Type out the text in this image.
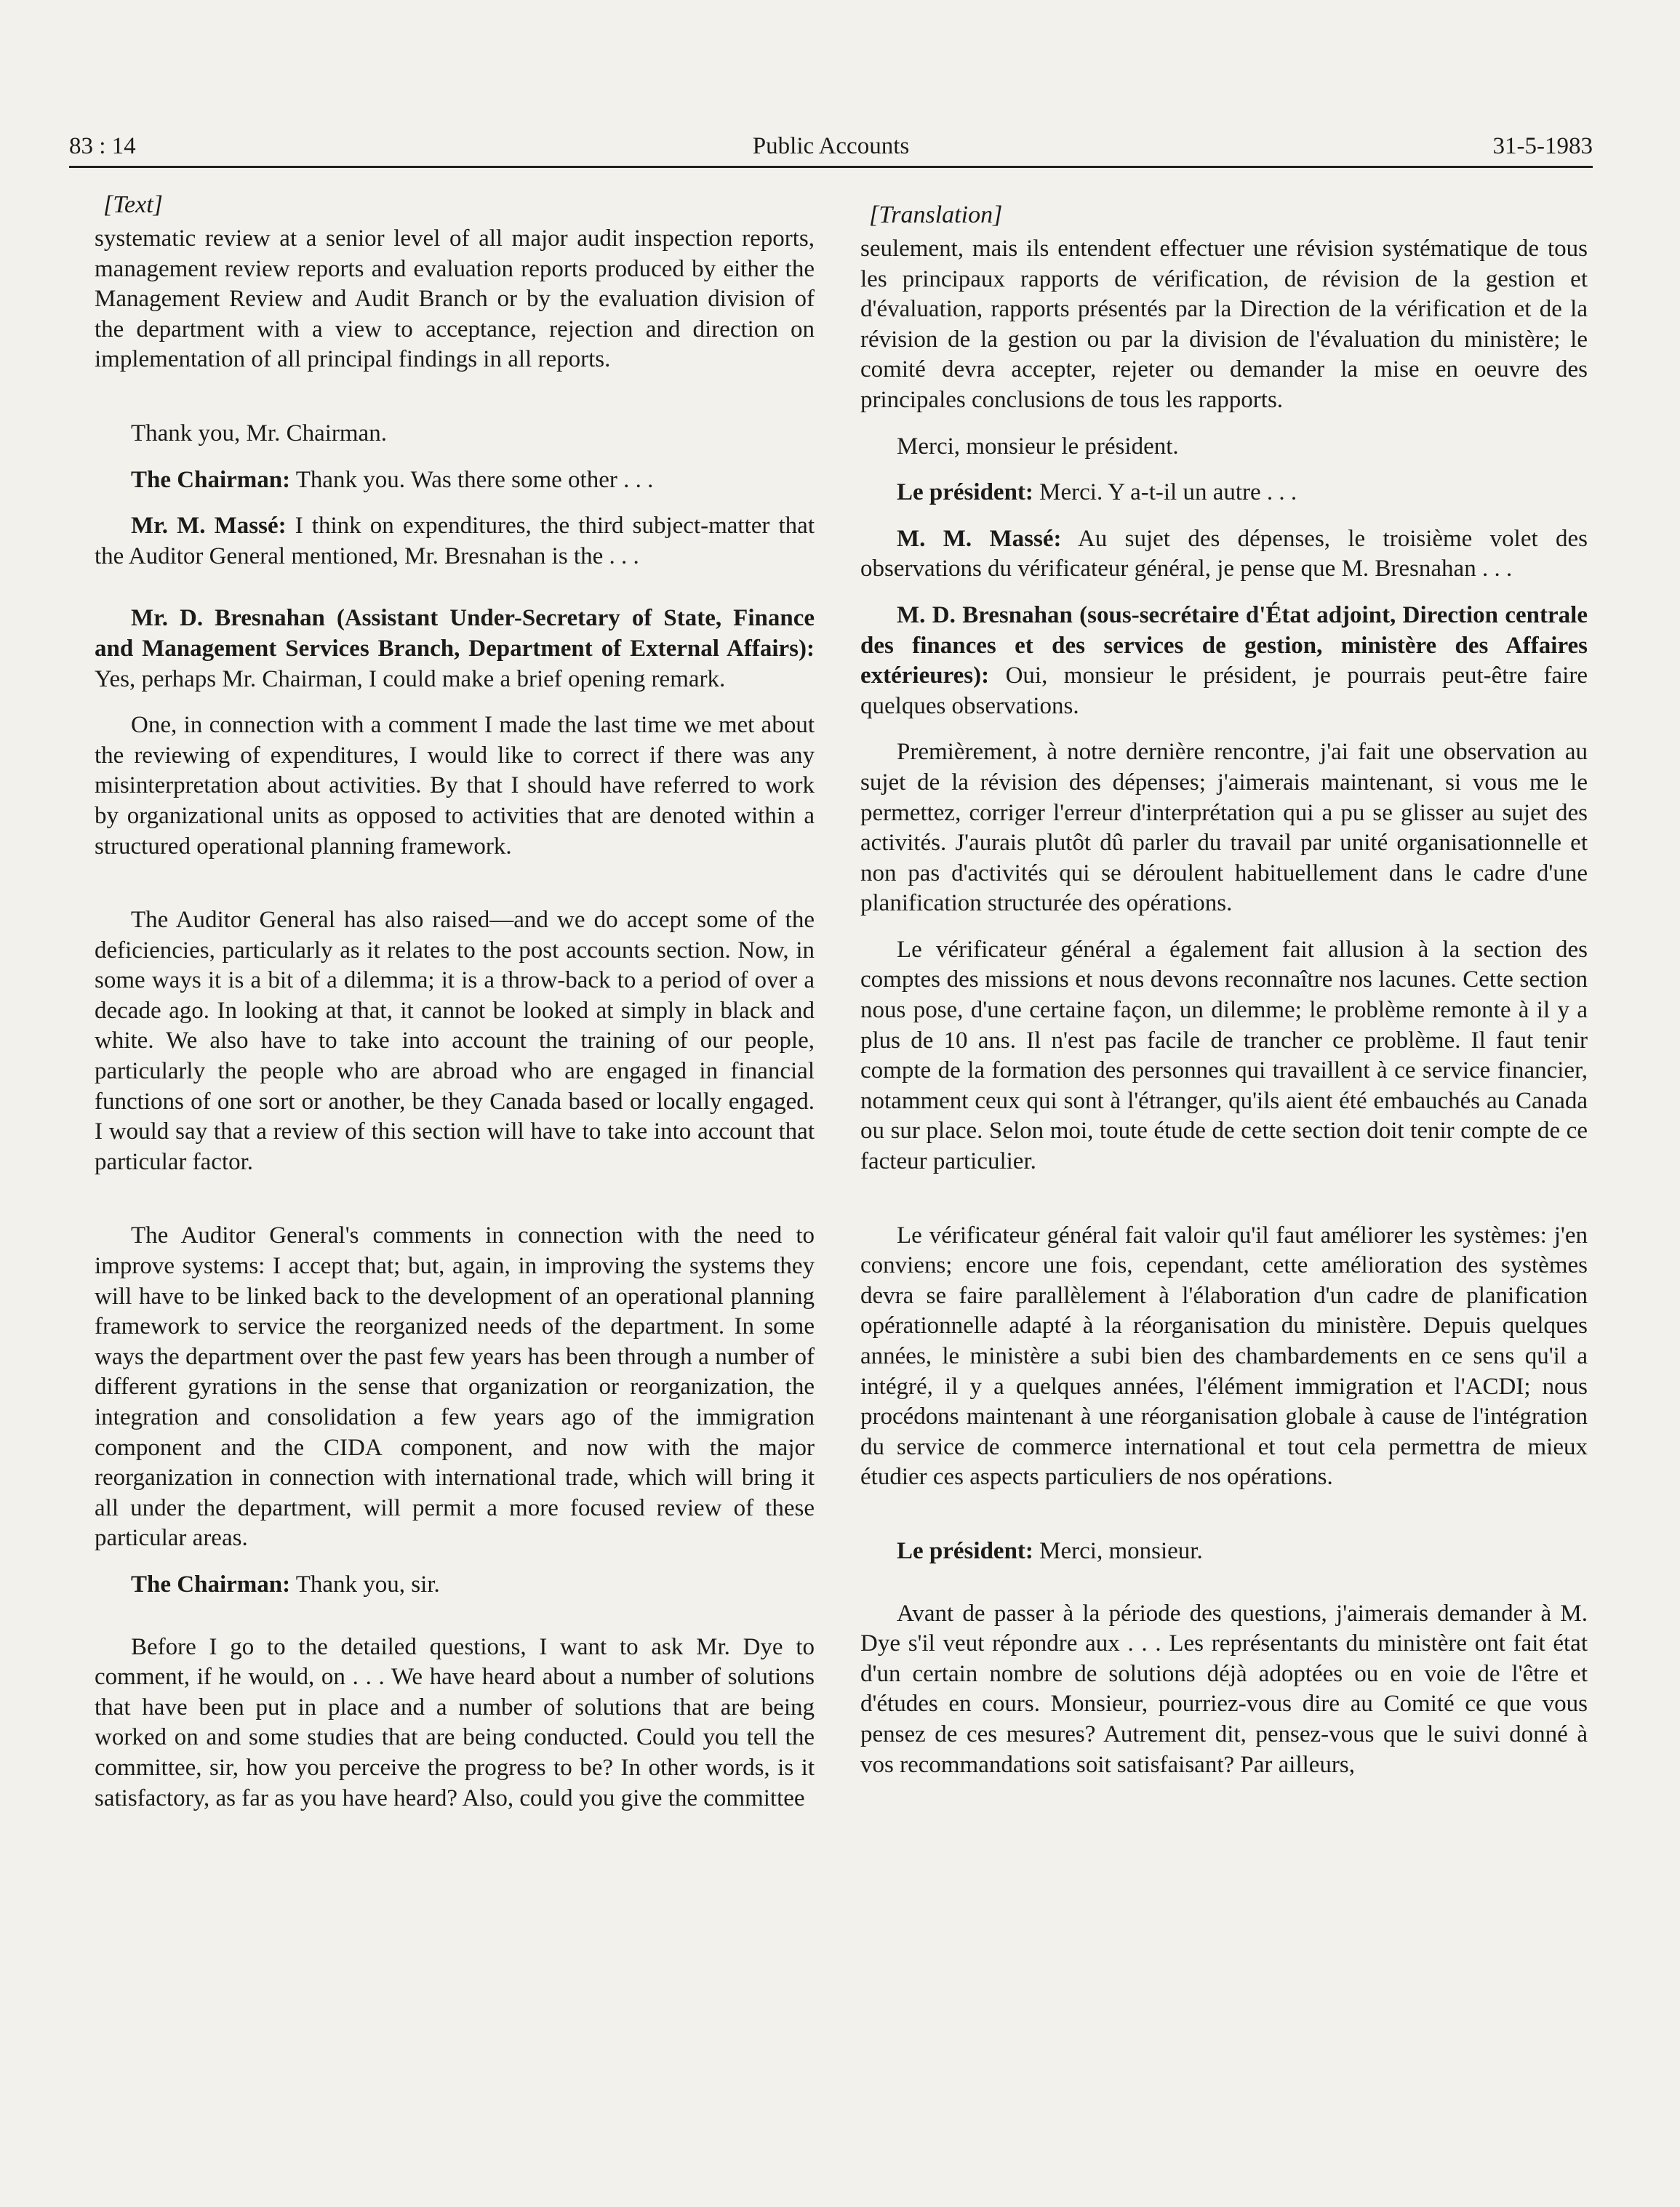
83 : 14	Public Accounts	31-5-1983
[Text]

systematic review at a senior level of all major audit inspection reports, management review reports and evaluation reports produced by either the Management Review and Audit Branch or by the evaluation division of the department with a view to acceptance, rejection and direction on implementation of all principal findings in all reports.

Thank you, Mr. Chairman.

The Chairman: Thank you. Was there some other . . .

Mr. M. Massé: I think on expenditures, the third subject-matter that the Auditor General mentioned, Mr. Bresnahan is the . . .

Mr. D. Bresnahan (Assistant Under-Secretary of State, Finance and Management Services Branch, Department of External Affairs): Yes, perhaps Mr. Chairman, I could make a brief opening remark.

One, in connection with a comment I made the last time we met about the reviewing of expenditures, I would like to correct if there was any misinterpretation about activities. By that I should have referred to work by organizational units as opposed to activities that are denoted within a structured operational planning framework.

The Auditor General has also raised—and we do accept some of the deficiencies, particularly as it relates to the post accounts section. Now, in some ways it is a bit of a dilemma; it is a throw-back to a period of over a decade ago. In looking at that, it cannot be looked at simply in black and white. We also have to take into account the training of our people, particularly the people who are abroad who are engaged in financial functions of one sort or another, be they Canada based or locally engaged. I would say that a review of this section will have to take into account that particular factor.

The Auditor General's comments in connection with the need to improve systems: I accept that; but, again, in improving the systems they will have to be linked back to the development of an operational planning framework to service the reorganized needs of the department. In some ways the department over the past few years has been through a number of different gyrations in the sense that organization or reorganization, the integration and consolidation a few years ago of the immigration component and the CIDA component, and now with the major reorganization in connection with international trade, which will bring it all under the department, will permit a more focused review of these particular areas.

The Chairman: Thank you, sir.

Before I go to the detailed questions, I want to ask Mr. Dye to comment, if he would, on . . . We have heard about a number of solutions that have been put in place and a number of solutions that are being worked on and some studies that are being conducted. Could you tell the committee, sir, how you perceive the progress to be? In other words, is it satisfactory, as far as you have heard? Also, could you give the committee

[Translation]

seulement, mais ils entendent effectuer une révision systématique de tous les principaux rapports de vérification, de révision de la gestion et d'évaluation, rapports présentés par la Direction de la vérification et de la révision de la gestion ou par la division de l'évaluation du ministère; le comité devra accepter, rejeter ou demander la mise en oeuvre des principales conclusions de tous les rapports.

Merci, monsieur le président.

Le président: Merci. Y a-t-il un autre . . .

M. M. Massé: Au sujet des dépenses, le troisième volet des observations du vérificateur général, je pense que M. Bresnahan . . .

M. D. Bresnahan (sous-secrétaire d'État adjoint, Direction centrale des finances et des services de gestion, ministère des Affaires extérieures): Oui, monsieur le président, je pourrais peut-être faire quelques observations.

Premièrement, à notre dernière rencontre, j'ai fait une observation au sujet de la révision des dépenses; j'aimerais maintenant, si vous me le permettez, corriger l'erreur d'interprétation qui a pu se glisser au sujet des activités. J'aurais plutôt dû parler du travail par unité organisationnelle et non pas d'activités qui se déroulent habituellement dans le cadre d'une planification structurée des opérations.

Le vérificateur général a également fait allusion à la section des comptes des missions et nous devons reconnaître nos lacunes. Cette section nous pose, d'une certaine façon, un dilemme; le problème remonte à il y a plus de 10 ans. Il n'est pas facile de trancher ce problème. Il faut tenir compte de la formation des personnes qui travaillent à ce service financier, notamment ceux qui sont à l'étranger, qu'ils aient été embauchés au Canada ou sur place. Selon moi, toute étude de cette section doit tenir compte de ce facteur particulier.

Le vérificateur général fait valoir qu'il faut améliorer les systèmes: j'en conviens; encore une fois, cependant, cette amélioration des systèmes devra se faire parallèlement à l'élaboration d'un cadre de planification opérationnelle adapté à la réorganisation du ministère. Depuis quelques années, le ministère a subi bien des chambardements en ce sens qu'il a intégré, il y a quelques années, l'élément immigration et l'ACDI; nous procédons maintenant à une réorganisation globale à cause de l'intégration du service de commerce international et tout cela permettra de mieux étudier ces aspects particuliers de nos opérations.

Le président: Merci, monsieur.

Avant de passer à la période des questions, j'aimerais demander à M. Dye s'il veut répondre aux . . . Les représentants du ministère ont fait état d'un certain nombre de solutions déjà adoptées ou en voie de l'être et d'études en cours. Monsieur, pourriez-vous dire au Comité ce que vous pensez de ces mesures? Autrement dit, pensez-vous que le suivi donné à vos recommandations soit satisfaisant? Par ailleurs,
